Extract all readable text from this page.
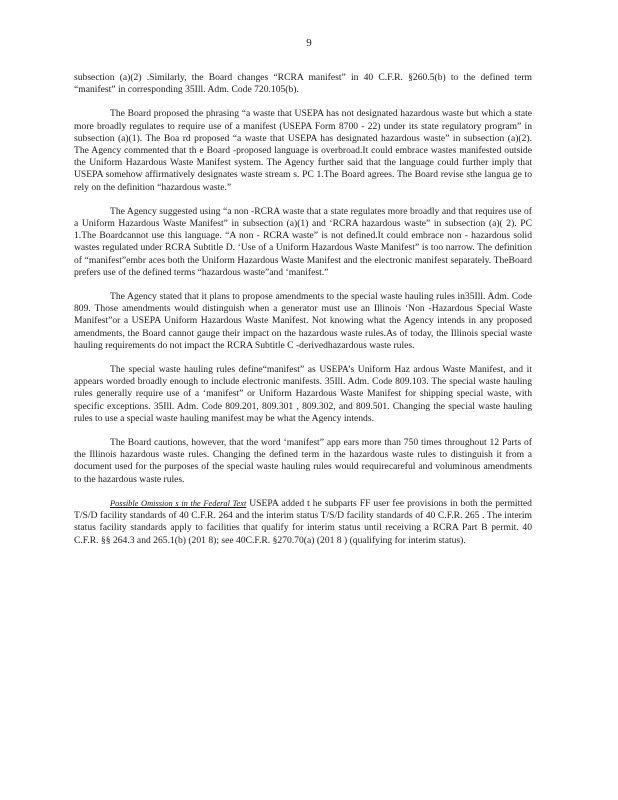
9

subsection (a)(2) .Similarly, the Board changes “RCRA manifest” in 40 C.F.R. §260.5(b) to the defined term “manifest” in corresponding 35Ill. Adm. Code 720.105(b).

The Board proposed the phrasing “a waste that USEPA has not designated hazardous waste but which a state more broadly regulates to require use of a manifest (USEPA Form 8700 - 22) under its state regulatory program” in subsection (a)(1). The Boa rd proposed “a waste that USEPA has designated hazardous waste” in subsection (a)(2). The Agency commented that th e Board -proposed language is overbroad.It could embrace wastes manifested outside the Uniform Hazardous Waste Manifest system. The Agency further said that the language could further imply that USEPA somehow affirmatively designates waste stream s. PC 1.The Board agrees. The Board revise sthe langua ge to rely on the definition “hazardous waste.”

The Agency suggested using “a non -RCRA waste that a state regulates more broadly and that requires use of a Uniform Hazardous Waste Manifest” in subsection (a)(1) and ‘RCRA hazardous waste” in subsection (a)( 2). PC 1.The Boardcannot use this language. “A non - RCRA waste” is not defined.It could embrace non - hazardous solid wastes regulated under RCRA Subtitle D. ‘Use of a Uniform Hazardous Waste Manifest” is too narrow. The definition of “manifest”embr aces both the Uniform Hazardous Waste Manifest and the electronic manifest separately. TheBoard prefers use of the defined terms “hazardous waste”and ‘manifest.”

The Agency stated that it plans to propose amendments to the special waste hauling rules in35Ill. Adm. Code 809. Those amendments would distinguish when a generator must use an Illinois ‘Non -Hazardous Special Waste Manifest”or a USEPA Uniform Hazardous Waste Manifest. Not knowing what the Agency intends in any proposed amendments, the Board cannot gauge their impact on the hazardous waste rules.As of today, the Illinois special waste hauling requirements do not impact the RCRA Subtitle C -derivedhazardous waste rules.

The special waste hauling rules define“manifest” as USEPA’s Uniform Haz ardous Waste Manifest, and it appears worded broadly enough to include electronic manifests. 35Ill. Adm. Code 809.103. The special waste hauling rules generally require use of a ‘manifest” or Uniform Hazardous Waste Manifest for shipping special waste, with specific exceptions. 35Ill. Adm. Code 809.201, 809.301 , 809.302, and 809.501. Changing the special waste hauling rules to use a special waste hauling manifest may be what the Agency intends.

The Board cautions, however, that the word ‘manifest” app ears more than 750 times throughout 12 Parts of the Illinois hazardous waste rules. Changing the defined term in the hazardous waste rules to distinguish it from a document used for the purposes of the special waste hauling rules would requirecareful and voluminous amendments to the hazardous waste rules.

Possible Omission s in the Federal Text USEPA added t he subparts FF user fee provisions in both the permitted T/S/D facility standards of 40 C.F.R. 264 and the interim status T/S/D facility standards of 40 C.F.R. 265 . The interim status facility standards apply to facilities that qualify for interim status until receiving a RCRA Part B permit. 40 C.F.R. §§ 264.3 and 265.1(b) (201 8); see 40C.F.R. §270.70(a) (201 8 ) (qualifying for interim status).
